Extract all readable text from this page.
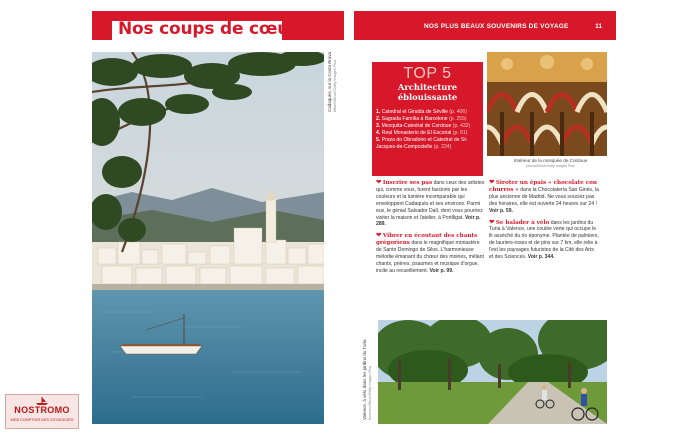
Nos coups de cœur
Cadaqués, sur la Costa Brava
Mikel/iStock/Getty Images Plus
NOS PLUS BEAUX SOUVENIRS DE VOYAGE	11
TOP 5
Architecture
éblouissante
1. Catedral et Giralda de Séville (p. 406)
2. Sagrada Família à Barcelone (p. 255)
3. Mezquita-Catedral de Cordoue (p. 432)
4. Real Monasterio de El Escorial (p. 61)
5. Praza do Obradoiro et Catedral de St-Jacques-de-Compostelle (p. 224)
Intérieur de la mosquée de Cordoue
jesuru/iStock/Getty Images Plus

❤ Inscrire ses pas dans ceux des artistes qui, comme vous, furent fascinés par les couleurs et la lumière incomparable qui enveloppent Cadaqués et ses environs. Parmi eux, le génial Salvador Dalí, dont vous pourriez visiter la maison et l'atelier, à Portlligat. Voir p. 289.

❤ Vibrer en écoutant des chants grégoriens dans le magnifique monastère de Santo Domingo de Silos. L'harmonieuse mélodie émanant du chœur des moines, mêlant chants, prières, psaumes et musique d'orgue, incite au recueillement. Voir p. 99.

❤ Siroter un épais « chocolate con churros » dans la Chocolatería San Ginés, la plus ancienne de Madrid. Ne vous souciez pas des horaires, elle est ouverte 24 heures sur 24 ! Voir p. 59.

❤ Se balader à vélo dans les jardins du Turia à Valence, une coulée verte qui occupe le lit asséché du rio éponyme. Plantée de palmiers, de lauriers-roses et de pins sur 7 km, elle relie à l'est les paysages futuristes de la Cité des Arts et des Sciences. Voir p. 344.

Valence, à vélo dans les jardins du Turia
Kosmos/iStock/Getty Images Plus
NOSTROMO
WEB COMPTOIR DES VOYAGEURS
